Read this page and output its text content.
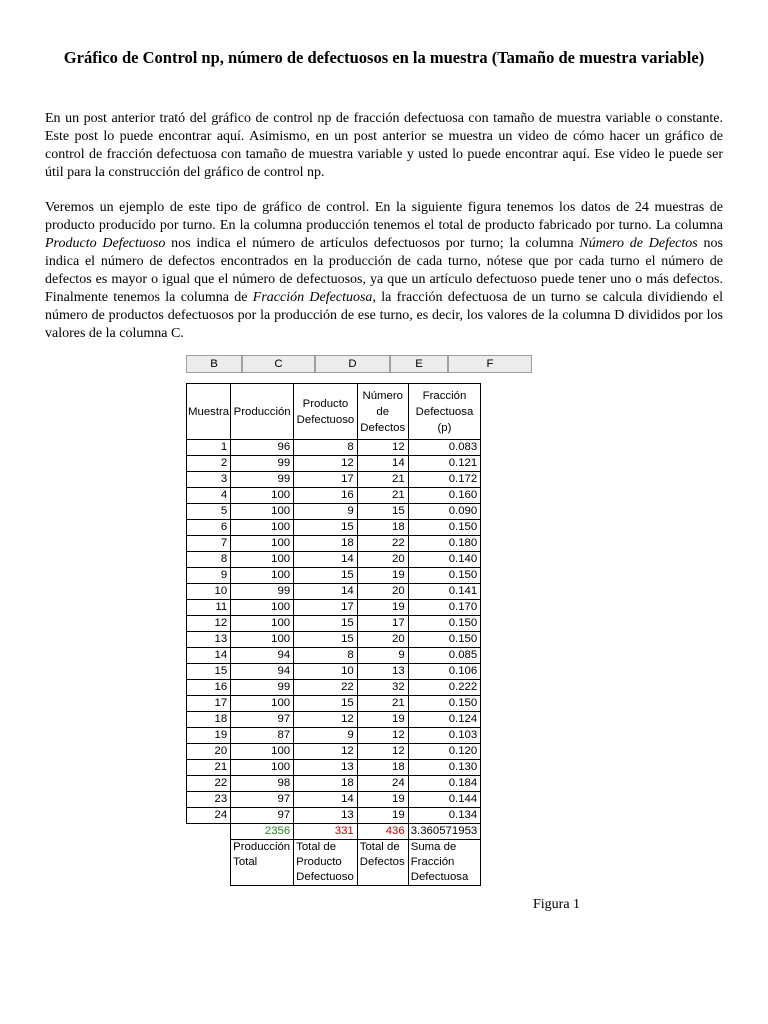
Gráfico de Control np, número de defectuosos en la muestra (Tamaño de muestra variable)

En un post anterior trató del gráfico de control np de fracción defectuosa con tamaño de muestra variable o constante. Este post lo puede encontrar aquí. Asimismo, en un post anterior se muestra un video de cómo hacer un gráfico de control de fracción defectuosa con tamaño de muestra variable y usted lo puede encontrar aquí. Ese video le puede ser útil para la construcción del gráfico de control np.

Veremos un ejemplo de este tipo de gráfico de control. En la siguiente figura tenemos los datos de 24 muestras de producto producido por turno. En la columna producción tenemos el total de producto fabricado por turno. La columna Producto Defectuoso nos indica el número de artículos defectuosos por turno; la columna Número de Defectos nos indica el número de defectos encontrados en la producción de cada turno, nótese que por cada turno el número de defectos es mayor o igual que el número de defectuosos, ya que un artículo defectuoso puede tener uno o más defectos. Finalmente tenemos la columna de Fracción Defectuosa, la fracción defectuosa de un turno se calcula dividiendo el número de productos defectuosos por la producción de ese turno, es decir, los valores de la columna D divididos por los valores de la columna C.

B	C	D	E	F
Muestra	Producción	Producto Defectuoso	Número de Defectos	Fracción Defectuosa (p)
1	96	8	12	0.083
2	99	12	14	0.121
3	99	17	21	0.172
4	100	16	21	0.160
5	100	9	15	0.090
6	100	15	18	0.150
7	100	18	22	0.180
8	100	14	20	0.140
9	100	15	19	0.150
10	99	14	20	0.141
11	100	17	19	0.170
12	100	15	17	0.150
13	100	15	20	0.150
14	94	8	9	0.085
15	94	10	13	0.106
16	99	22	32	0.222
17	100	15	21	0.150
18	97	12	19	0.124
19	87	9	12	0.103
20	100	12	12	0.120
21	100	13	18	0.130
22	98	18	24	0.184
23	97	14	19	0.144
24	97	13	19	0.134
	2356	331	436	3.360571953
	Producción Total	Total de Producto Defectuoso	Total de Defectos	Suma de Fracción Defectuosa
Figura 1
